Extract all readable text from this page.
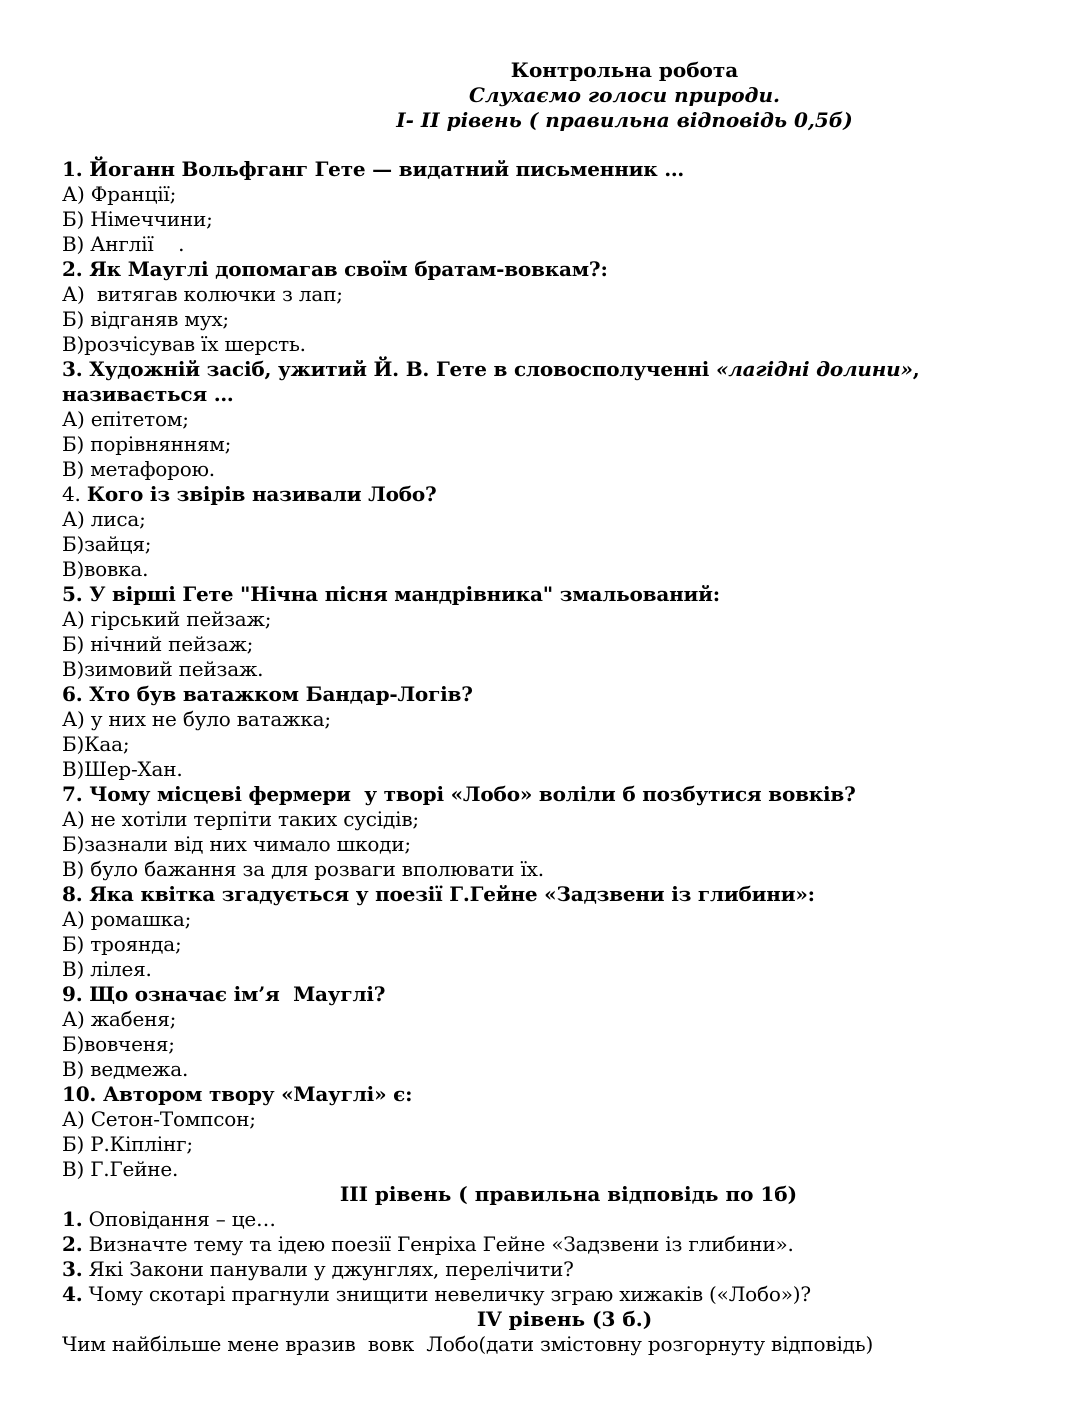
Контрольна робота
Слухаємо голоси природи.
І- ІІ рівень ( правильна відповідь 0,5б)
1. Йоганн Вольфганг Гете — видатний письменник …
А) Франції;
Б) Німеччини;
В) Англії    .
2. Як Мауглі допомагав своїм братам-вовкам?:
А)  витягав колючки з лап;
Б) відганяв мух;
В)розчісував їх шерсть.
3. Художній засіб, ужитий Й. В. Гете в словосполученні «лагідні долини», називається …
А) епітетом;
Б) порівнянням;
В) метафорою.
4. Кого із звірів називали Лобо?
А) лиса;
Б)зайця;
В)вовка.
5. У вірші Гете "Нічна пісня мандрівника" змальований:
А) гірський пейзаж;
Б) нічний пейзаж;
В)зимовий пейзаж.
6. Хто був ватажком Бандар-Логів?
А) у них не було ватажка;
Б)Каа;
В)Шер-Хан.
7. Чому місцеві фермери  у творі «Лобо» воліли б позбутися вовків?
А) не хотіли терпіти таких сусідів;
Б)зазнали від них чимало шкоди;
В) було бажання за для розваги вполювати їх.
8. Яка квітка згадується у поезії Г.Гейне «Задзвени із глибини»:
А) ромашка;
Б) троянда;
В) лілея.
9. Що означає ім’я  Мауглі?
А) жабеня;
Б)вовченя;
В) ведмежа.
10. Автором твору «Мауглі» є:
А) Сетон-Томпсон;
Б) Р.Кіплінг;
В) Г.Гейне.
ІІІ рівень ( правильна відповідь по 1б)
1. Оповідання – це…
2. Визначте тему та ідею поезії Генріха Гейне «Задзвени із глибини».
3. Які Закони панували у джунглях, перелічити?
4. Чому скотарі прагнули знищити невеличку зграю хижаків («Лобо»)?
ІV рівень (3 б.)
Чим найбільше мене вразив  вовк  Лобо(дати змістовну розгорнуту відповідь)
